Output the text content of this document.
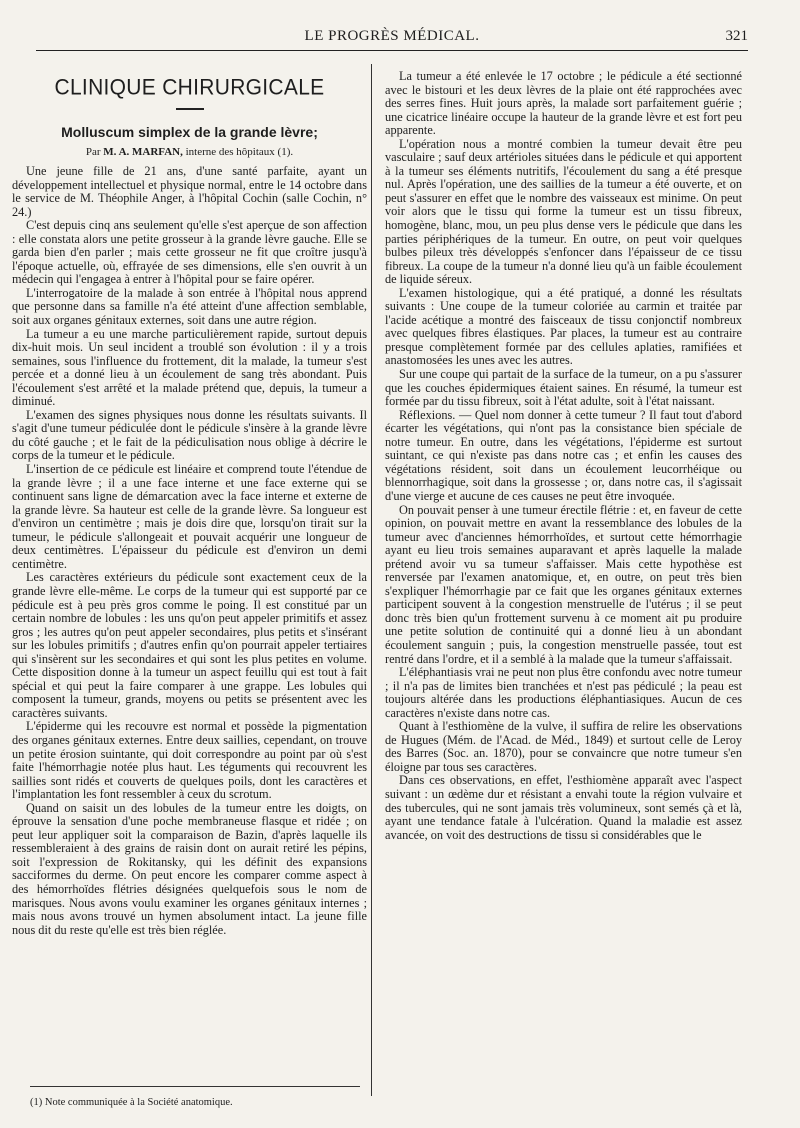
LE PROGRÈS MÉDICAL.	321
CLINIQUE CHIRURGICALE
Molluscum simplex de la grande lèvre;
Par M. A. MARFAN, interne des hôpitaux (1).

Une jeune fille de 21 ans, d'une santé parfaite, ayant un développement intellectuel et physique normal, entre le 14 octobre dans le service de M. Théophile Anger, à l'hôpital Cochin (salle Cochin, n° 24.)

C'est depuis cinq ans seulement qu'elle s'est aperçue de son affection : elle constata alors une petite grosseur à la grande lèvre gauche. Elle se garda bien d'en parler ; mais cette grosseur ne fit que croître jusqu'à l'époque actuelle, où, effrayée de ses dimensions, elle s'en ouvrit à un médecin qui l'engagea à entrer à l'hôpital pour se faire opérer.

L'interrogatoire de la malade à son entrée à l'hôpital nous apprend que personne dans sa famille n'a été atteint d'une affection semblable, soit aux organes génitaux externes, soit dans une autre région.

La tumeur a eu une marche particulièrement rapide, surtout depuis dix-huit mois. Un seul incident a troublé son évolution : il y a trois semaines, sous l'influence du frottement, dit la malade, la tumeur s'est percée et a donné lieu à un écoulement de sang très abondant. Puis l'écoulement s'est arrêté et la malade prétend que, depuis, la tumeur a diminué.

L'examen des signes physiques nous donne les résultats suivants. Il s'agit d'une tumeur pédiculée dont le pédicule s'insère à la grande lèvre du côté gauche ; et le fait de la pédiculisation nous oblige à décrire le corps de la tumeur et le pédicule.

L'insertion de ce pédicule est linéaire et comprend toute l'étendue de la grande lèvre ; il a une face interne et une face externe qui se continuent sans ligne de démarcation avec la face interne et externe de la grande lèvre. Sa hauteur est celle de la grande lèvre. Sa longueur est d'environ un centimètre ; mais je dois dire que, lorsqu'on tirait sur la tumeur, le pédicule s'allongeait et pouvait acquérir une longueur de deux centimètres. L'épaisseur du pédicule est d'environ un demi centimètre.

Les caractères extérieurs du pédicule sont exactement ceux de la grande lèvre elle-même. Le corps de la tumeur qui est supporté par ce pédicule est à peu près gros comme le poing. Il est constitué par un certain nombre de lobules : les uns qu'on peut appeler primitifs et assez gros ; les autres qu'on peut appeler secondaires, plus petits et s'insérant sur les lobules primitifs ; d'autres enfin qu'on pourrait appeler tertiaires qui s'insèrent sur les secondaires et qui sont les plus petites en volume. Cette disposition donne à la tumeur un aspect feuillu qui est tout à fait spécial et qui peut la faire comparer à une grappe. Les lobules qui composent la tumeur, grands, moyens ou petits se présentent avec les caractères suivants.

L'épiderme qui les recouvre est normal et possède la pigmentation des organes génitaux externes. Entre deux saillies, cependant, on trouve un petite érosion suintante, qui doit correspondre au point par où s'est faite l'hémorrhagie notée plus haut. Les téguments qui recouvrent les saillies sont ridés et couverts de quelques poils, dont les caractères et l'implantation les font ressembler à ceux du scrotum.

Quand on saisit un des lobules de la tumeur entre les doigts, on éprouve la sensation d'une poche membraneuse flasque et ridée ; on peut leur appliquer soit la comparaison de Bazin, d'après laquelle ils ressembleraient à des grains de raisin dont on aurait retiré les pépins, soit l'expression de Rokitansky, qui les définit des expansions sacciformes du derme. On peut encore les comparer comme aspect à des hémorrhoïdes flétries désignées quelquefois sous le nom de marisques. Nous avons voulu examiner les organes génitaux internes ; mais nous avons trouvé un hymen absolument intact. La jeune fille nous dit du reste qu'elle est très bien réglée.

(1) Note communiquée à la Société anatomique.

La tumeur a été enlevée le 17 octobre ; le pédicule a été sectionné avec le bistouri et les deux lèvres de la plaie ont été rapprochées avec des serres fines. Huit jours après, la malade sort parfaitement guérie ; une cicatrice linéaire occupe la hauteur de la grande lèvre et est fort peu apparente.

L'opération nous a montré combien la tumeur devait être peu vasculaire ; sauf deux artérioles situées dans le pédicule et qui apportent à la tumeur ses éléments nutritifs, l'écoulement du sang a été presque nul. Après l'opération, une des saillies de la tumeur a été ouverte, et on peut s'assurer en effet que le nombre des vaisseaux est minime. On peut voir alors que le tissu qui forme la tumeur est un tissu fibreux, homogène, blanc, mou, un peu plus dense vers le pédicule que dans les parties périphériques de la tumeur. En outre, on peut voir quelques bulbes pileux très développés s'enfoncer dans l'épaisseur de ce tissu fibreux. La coupe de la tumeur n'a donné lieu qu'à un faible écoulement de liquide séreux.

L'examen histologique, qui a été pratiqué, a donné les résultats suivants : Une coupe de la tumeur coloriée au carmin et traitée par l'acide acétique a montré des faisceaux de tissu conjonctif nombreux avec quelques fibres élastiques. Par places, la tumeur est au contraire presque complètement formée par des cellules aplaties, ramifiées et anastomosées les unes avec les autres.

Sur une coupe qui partait de la surface de la tumeur, on a pu s'assurer que les couches épidermiques étaient saines. En résumé, la tumeur est formée par du tissu fibreux, soit à l'état adulte, soit à l'état naissant.

Réflexions. — Quel nom donner à cette tumeur ? Il faut tout d'abord écarter les végétations, qui n'ont pas la consistance bien spéciale de notre tumeur. En outre, dans les végétations, l'épiderme est surtout suintant, ce qui n'existe pas dans notre cas ; et enfin les causes des végétations résident, soit dans un écoulement leucorrhéique ou blennorrhagique, soit dans la grossesse ; or, dans notre cas, il s'agissait d'une vierge et aucune de ces causes ne peut être invoquée.

On pouvait penser à une tumeur érectile flétrie : et, en faveur de cette opinion, on pouvait mettre en avant la ressemblance des lobules de la tumeur avec d'anciennes hémorrhoïdes, et surtout cette hémorrhagie ayant eu lieu trois semaines auparavant et après laquelle la malade prétend avoir vu sa tumeur s'affaisser. Mais cette hypothèse est renversée par l'examen anatomique, et, en outre, on peut très bien s'expliquer l'hémorrhagie par ce fait que les organes génitaux externes participent souvent à la congestion menstruelle de l'utérus ; il se peut donc très bien qu'un frottement survenu à ce moment ait pu produire une petite solution de continuité qui a donné lieu à un abondant écoulement sanguin ; puis, la congestion menstruelle passée, tout est rentré dans l'ordre, et il a semblé à la malade que la tumeur s'affaissait.

L'éléphantiasis vrai ne peut non plus être confondu avec notre tumeur ; il n'a pas de limites bien tranchées et n'est pas pédiculé ; la peau est toujours altérée dans les productions éléphantiasiques. Aucun de ces caractères n'existe dans notre cas.

Quant à l'esthiomène de la vulve, il suffira de relire les observations de Hugues (Mém. de l'Acad. de Méd., 1849) et surtout celle de Leroy des Barres (Soc. an. 1870), pour se convaincre que notre tumeur s'en éloigne par tous ses caractères.

Dans ces observations, en effet, l'esthiomène apparaît avec l'aspect suivant : un œdème dur et résistant a envahi toute la région vulvaire et des tubercules, qui ne sont jamais très volumineux, sont semés çà et là, ayant une tendance fatale à l'ulcération. Quand la maladie est assez avancée, on voit des destructions de tissu si considérables que le
